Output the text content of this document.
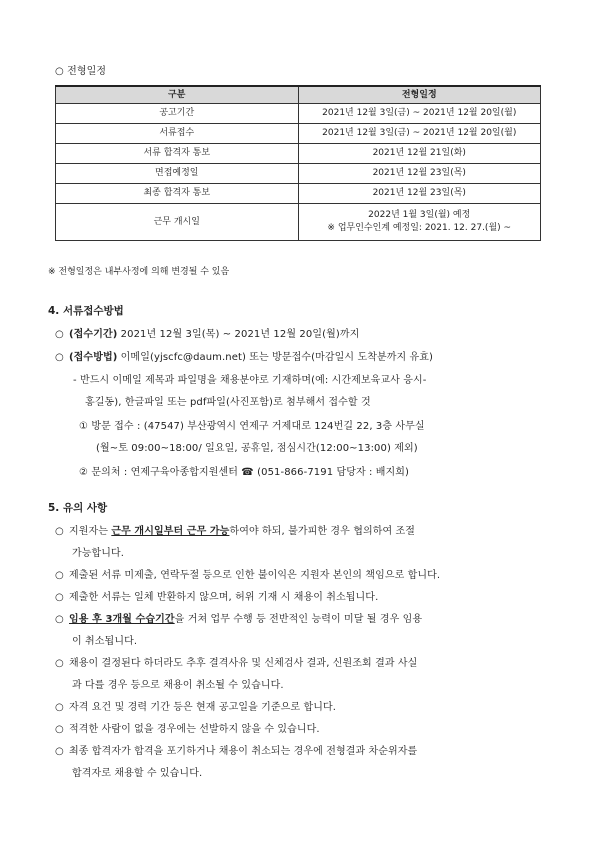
○ 전형일정
구분	전형일정
공고기간	2021년 12월 3일(금) ~ 2021년 12월 20일(월)
서류접수	2021년 12월 3일(금) ~ 2021년 12월 20일(월)
서류 합격자 통보	2021년 12월 21일(화)
면접예정일	2021년 12월 23일(목)
최종 합격자 통보	2021년 12월 23일(목)
근무 개시일	2022년 1월 3일(월) 예정
※ 업무인수인계 예정일: 2021. 12. 27.(월) ~
※ 전형일정은 내부사정에 의해 변경될 수 있음
4. 서류접수방법
○ (접수기간) 2021년 12월 3일(목) ~ 2021년 12월 20일(월)까지
○ (접수방법) 이메일(yjscfc@daum.net) 또는 방문접수(마감일시 도착분까지 유효)
- 반드시 이메일 제목과 파일명을 채용분야로 기재하며(예: 시간제보육교사 응시-
홍길동), 한글파일 또는 pdf파일(사진포함)로 첨부해서 접수할 것
① 방문 접수 : (47547) 부산광역시 연제구 거제대로 124번길 22, 3층 사무실
(월~토 09:00~18:00/ 일요일, 공휴일, 점심시간(12:00~13:00) 제외)
② 문의처 : 연제구육아종합지원센터 ☎ (051-866-7191 담당자 : 배지희)
5. 유의 사항
○ 지원자는 근무 개시일부터 근무 가능하여야 하되, 불가피한 경우 협의하여 조절
가능합니다.
○ 제출된 서류 미제출, 연락두절 등으로 인한 불이익은 지원자 본인의 책임으로 합니다.
○ 제출한 서류는 일체 반환하지 않으며, 허위 기재 시 채용이 취소됩니다.
○ 임용 후 3개월 수습기간을 거쳐 업무 수행 등 전반적인 능력이 미달 될 경우 임용
이 취소됩니다.
○ 채용이 결정된다 하더라도 추후 결격사유 및 신체검사 결과, 신원조회 결과 사실
과 다를 경우 등으로 채용이 취소될 수 있습니다.
○ 자격 요건 및 경력 기간 등은 현재 공고일을 기준으로 합니다.
○ 적격한 사람이 없을 경우에는 선발하지 않을 수 있습니다.
○ 최종 합격자가 합격을 포기하거나 채용이 취소되는 경우에 전형결과 차순위자를
합격자로 채용할 수 있습니다.
